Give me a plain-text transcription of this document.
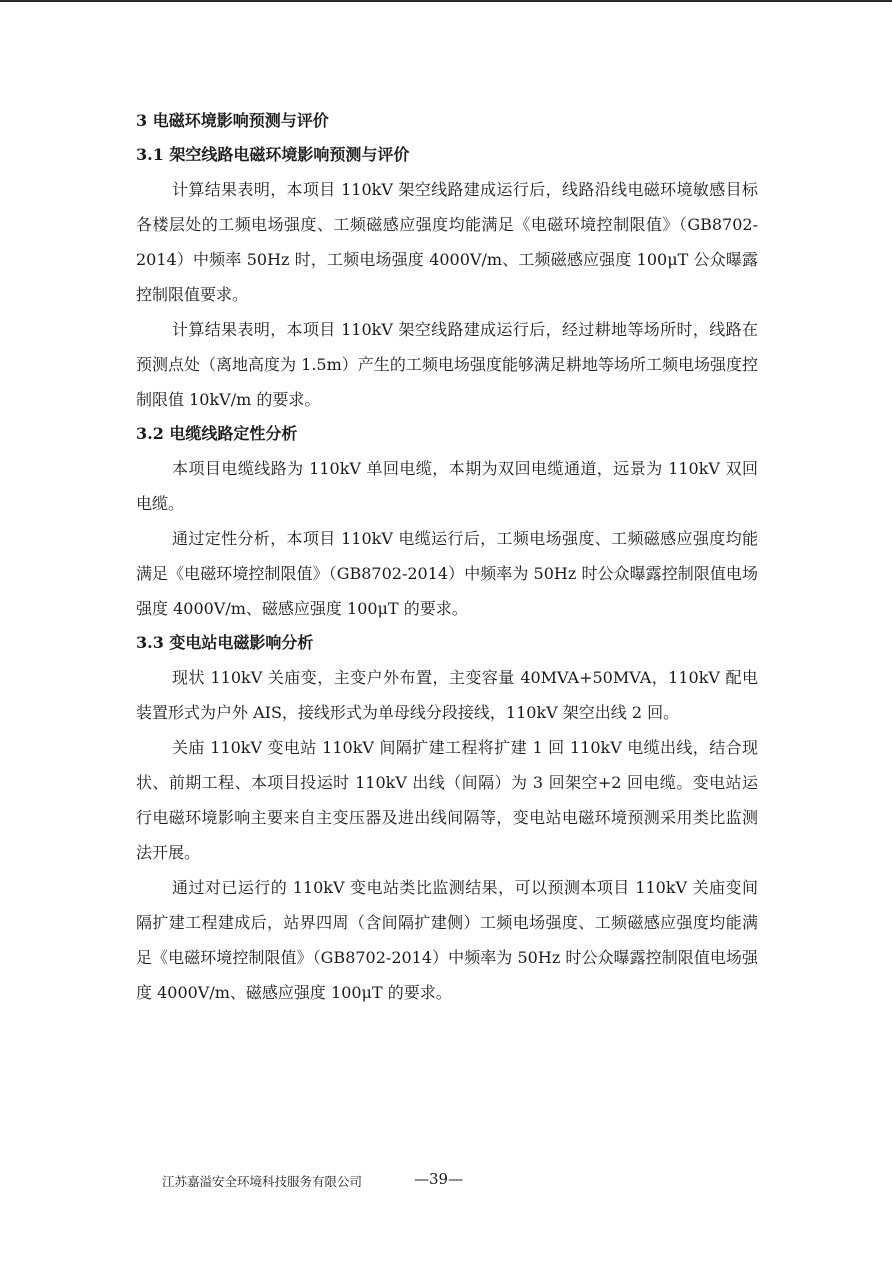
3 电磁环境影响预测与评价
3.1 架空线路电磁环境影响预测与评价

计算结果表明，本项目 110kV 架空线路建成运行后，线路沿线电磁环境敏感目标各楼层处的工频电场强度、工频磁感应强度均能满足《电磁环境控制限值》（GB8702-2014）中频率 50Hz 时，工频电场强度 4000V/m、工频磁感应强度 100μT 公众曝露控制限值要求。

计算结果表明，本项目 110kV 架空线路建成运行后，经过耕地等场所时，线路在预测点处（离地高度为 1.5m）产生的工频电场强度能够满足耕地等场所工频电场强度控制限值 10kV/m 的要求。

3.2 电缆线路定性分析

本项目电缆线路为 110kV 单回电缆，本期为双回电缆通道，远景为 110kV 双回电缆。

通过定性分析，本项目 110kV 电缆运行后，工频电场强度、工频磁感应强度均能满足《电磁环境控制限值》（GB8702-2014）中频率为 50Hz 时公众曝露控制限值电场强度 4000V/m、磁感应强度 100μT 的要求。

3.3 变电站电磁影响分析

现状 110kV 关庙变，主变户外布置，主变容量 40MVA+50MVA，110kV 配电装置形式为户外 AIS，接线形式为单母线分段接线，110kV 架空出线 2 回。

关庙 110kV 变电站 110kV 间隔扩建工程将扩建 1 回 110kV 电缆出线，结合现状、前期工程、本项目投运时 110kV 出线（间隔）为 3 回架空+2 回电缆。变电站运行电磁环境影响主要来自主变压器及进出线间隔等，变电站电磁环境预测采用类比监测法开展。

通过对已运行的 110kV 变电站类比监测结果，可以预测本项目 110kV 关庙变间隔扩建工程建成后，站界四周（含间隔扩建侧）工频电场强度、工频磁感应强度均能满足《电磁环境控制限值》（GB8702-2014）中频率为 50Hz 时公众曝露控制限值电场强度 4000V/m、磁感应强度 100μT 的要求。

江苏嘉溢安全环境科技服务有限公司	—39—
